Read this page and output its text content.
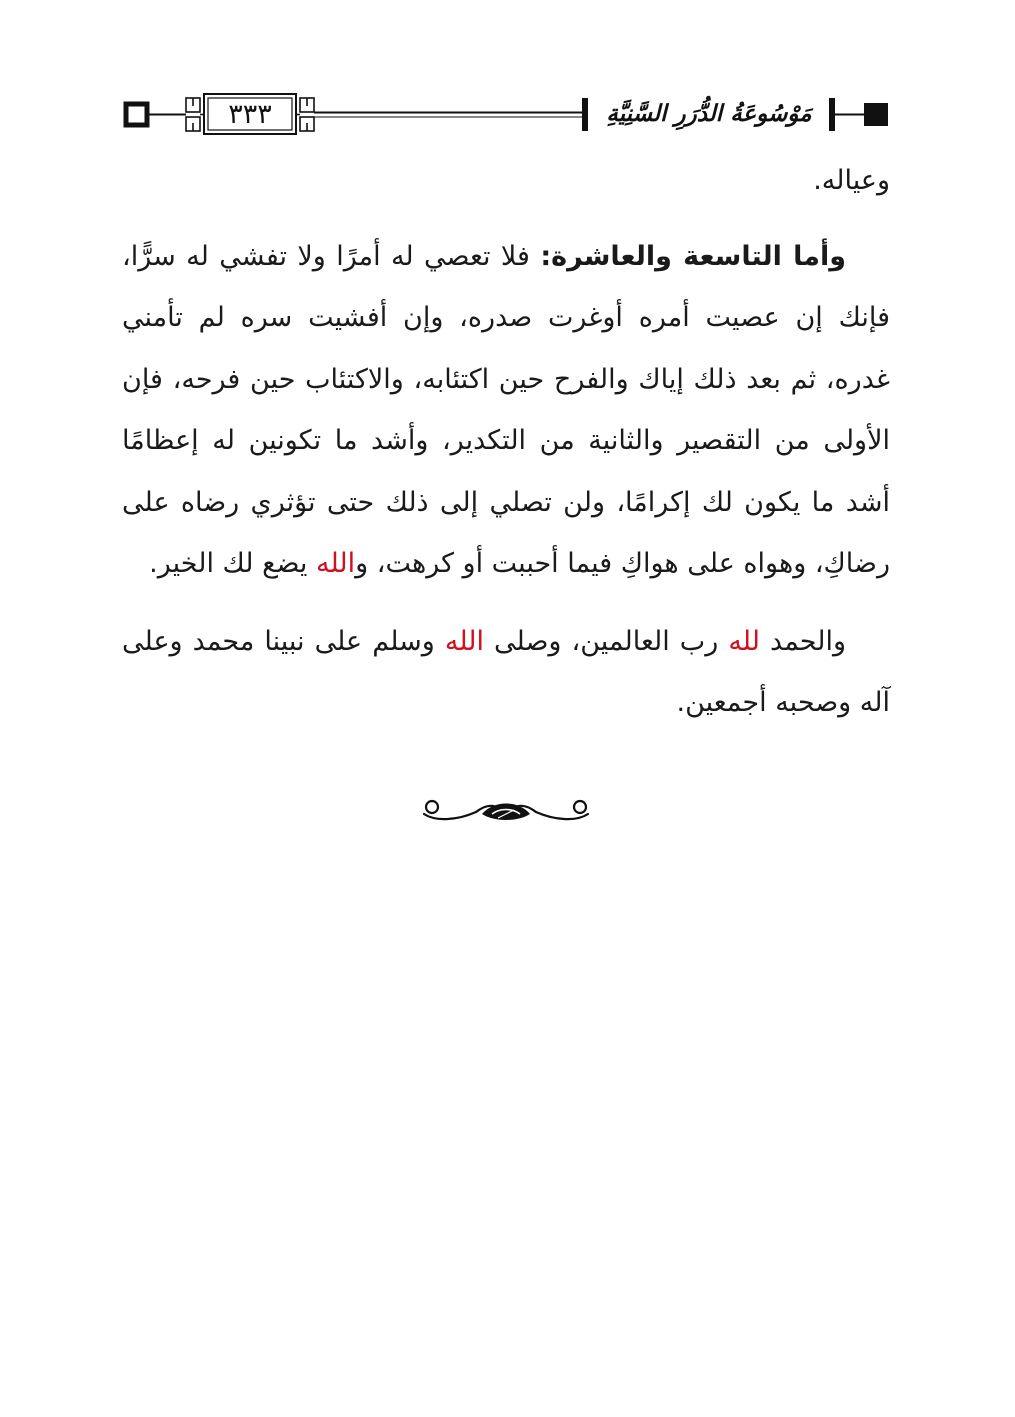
٣٣٣	مَوْسُوعَةُ الدُّرَرِ السَّنِيَّةِ

وعياله.

وأما التاسعة والعاشرة: فلا تعصي له أمرًا ولا تفشي له سرًّا، فإنك إن عصيت أمره أوغرت صدره، وإن أفشيت سره لم تأمني غدره، ثم بعد ذلك إياك والفرح حين اكتئابه، والاكتئاب حين فرحه، فإن الأولى من التقصير والثانية من التكدير، وأشد ما تكونين له إعظامًا أشد ما يكون لك إكرامًا، ولن تصلي إلى ذلك حتى تؤثري رضاه على رضاكِ، وهواه على هواكِ فيما أحببت أو كرهت، والله يضع لك الخير.

والحمد لله رب العالمين، وصلى الله وسلم على نبينا محمد وعلى آله وصحبه أجمعين.
